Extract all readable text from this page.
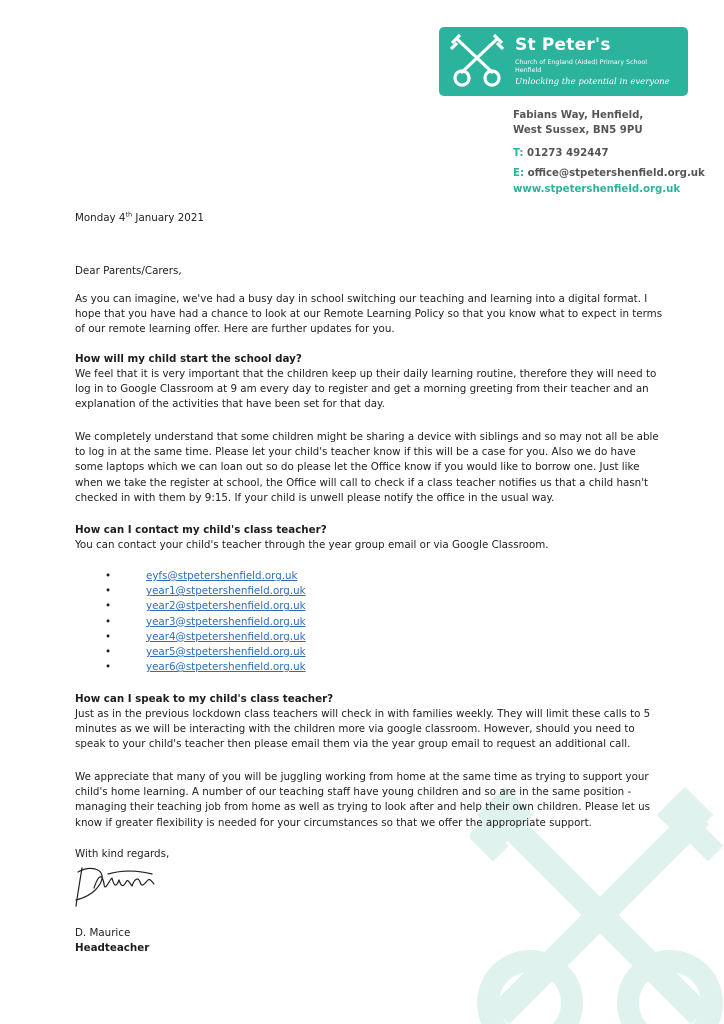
St Peter's
Church of England (Aided) Primary School
Henfield
Unlocking the potential in everyone
Fabians Way, Henfield,
West Sussex, BN5 9PU
T: 01273 492447
E: office@stpetershenfield.org.uk
www.stpetershenfield.org.uk
Monday 4th January 2021
Dear Parents/Carers,
As you can imagine, we've had a busy day in school switching our teaching and learning into a digital format. I hope that you have had a chance to look at our Remote Learning Policy so that you know what to expect in terms of our remote learning offer. Here are further updates for you.
How will my child start the school day?
We feel that it is very important that the children keep up their daily learning routine, therefore they will need to log in to Google Classroom at 9 am every day to register and get a morning greeting from their teacher and an explanation of the activities that have been set for that day.
We completely understand that some children might be sharing a device with siblings and so may not all be able to log in at the same time. Please let your child's teacher know if this will be a case for you. Also we do have some laptops which we can loan out so do please let the Office know if you would like to borrow one. Just like when we take the register at school, the Office will call to check if a class teacher notifies us that a child hasn't checked in with them by 9:15. If your child is unwell please notify the office in the usual way.
How can I contact my child's class teacher?
You can contact your child's teacher through the year group email or via Google Classroom.
•	eyfs@stpetershenfield.org.uk
•	year1@stpetershenfield.org.uk
•	year2@stpetershenfield.org.uk
•	year3@stpetershenfield.org.uk
•	year4@stpetershenfield.org.uk
•	year5@stpetershenfield.org.uk
•	year6@stpetershenfield.org.uk
How can I speak to my child's class teacher?
Just as in the previous lockdown class teachers will check in with families weekly. They will limit these calls to 5 minutes as we will be interacting with the children more via google classroom. However, should you need to speak to your child's teacher then please email them via the year group email to request an additional call.
We appreciate that many of you will be juggling working from home at the same time as trying to support your child's home learning. A number of our teaching staff have young children and so are in the same position - managing their teaching job from home as well as trying to look after and help their own children. Please let us know if greater flexibility is needed for your circumstances so that we offer the appropriate support.
With kind regards,
D. Maurice
Headteacher
